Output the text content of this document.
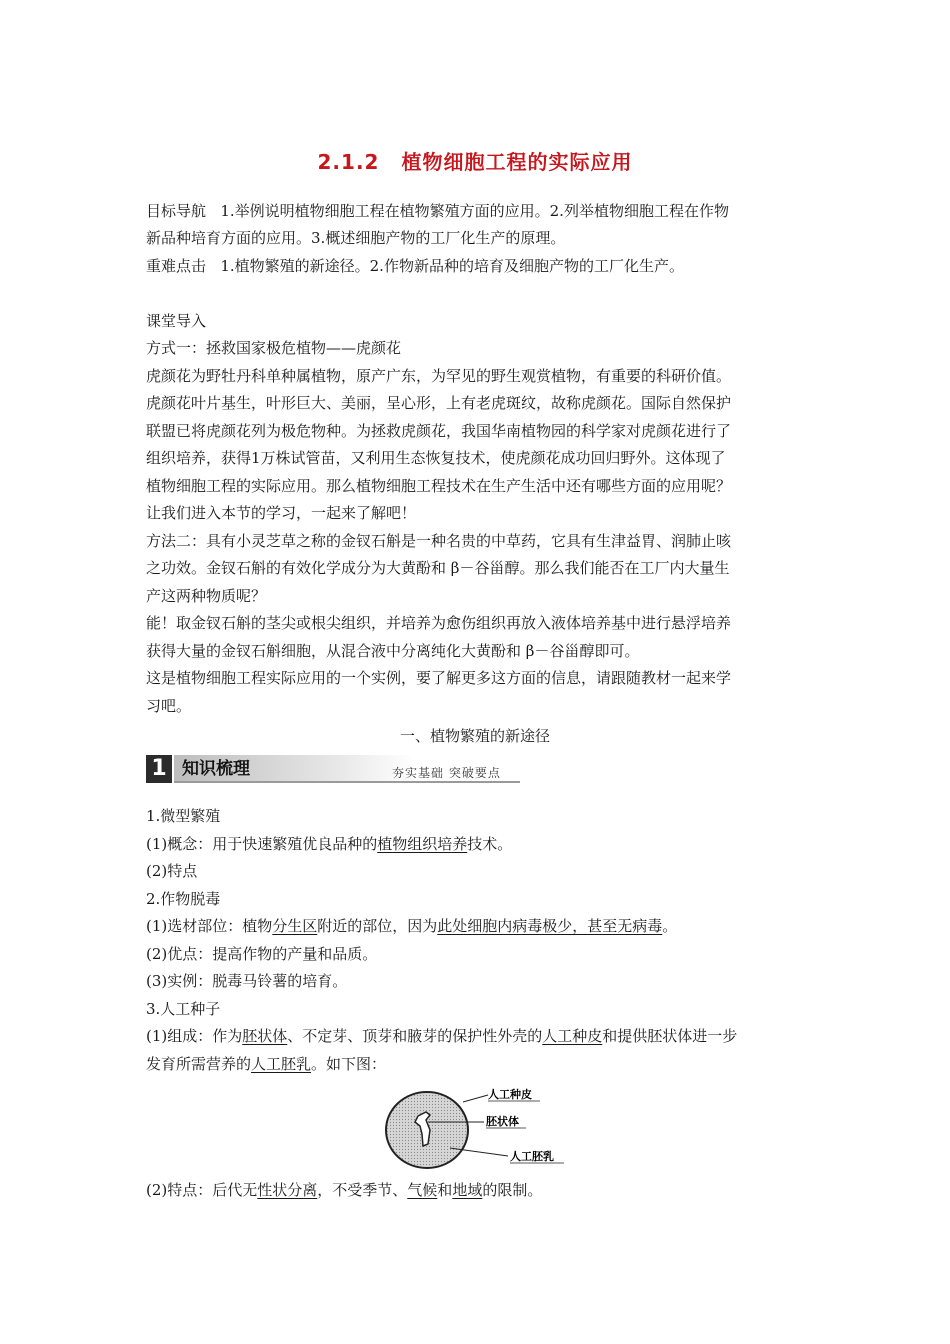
2.1.2 植物细胞工程的实际应用
目标导航 1.举例说明植物细胞工程在植物繁殖方面的应用。2.列举植物细胞工程在作物
新品种培育方面的应用。3.概述细胞产物的工厂化生产的原理。
重难点击 1.植物繁殖的新途径。2.作物新品种的培育及细胞产物的工厂化生产。
课堂导入
方式一：拯救国家极危植物——虎颜花
虎颜花为野牡丹科单种属植物，原产广东，为罕见的野生观赏植物，有重要的科研价值。
虎颜花叶片基生，叶形巨大、美丽，呈心形，上有老虎斑纹，故称虎颜花。国际自然保护
联盟已将虎颜花列为极危物种。为拯救虎颜花，我国华南植物园的科学家对虎颜花进行了
组织培养，获得1万株试管苗，又利用生态恢复技术，使虎颜花成功回归野外。这体现了
植物细胞工程的实际应用。那么植物细胞工程技术在生产生活中还有哪些方面的应用呢？
让我们进入本节的学习，一起来了解吧！
方法二：具有小灵芝草之称的金钗石斛是一种名贵的中草药，它具有生津益胃、润肺止咳
之功效。金钗石斛的有效化学成分为大黄酚和 β－谷甾醇。那么我们能否在工厂内大量生
产这两种物质呢？
能！取金钗石斛的茎尖或根尖组织，并培养为愈伤组织再放入液体培养基中进行悬浮培养
获得大量的金钗石斛细胞，从混合液中分离纯化大黄酚和 β－谷甾醇即可。
这是植物细胞工程实际应用的一个实例，要了解更多这方面的信息，请跟随教材一起来学
习吧。
一、植物繁殖的新途径
1 知识梳理	夯实基础 突破要点
1.微型繁殖
(1)概念：用于快速繁殖优良品种的植物组织培养技术。
(2)特点
2.作物脱毒
(1)选材部位：植物分生区附近的部位，因为此处细胞内病毒极少，甚至无病毒。
(2)优点：提高作物的产量和品质。
(3)实例：脱毒马铃薯的培育。
3.人工种子
(1)组成：作为胚状体、不定芽、顶芽和腋芽的保护性外壳的人工种皮和提供胚状体进一步
发育所需营养的人工胚乳。如下图：
人工种皮
胚状体
人工胚乳
(2)特点：后代无性状分离，不受季节、气候和地域的限制。
